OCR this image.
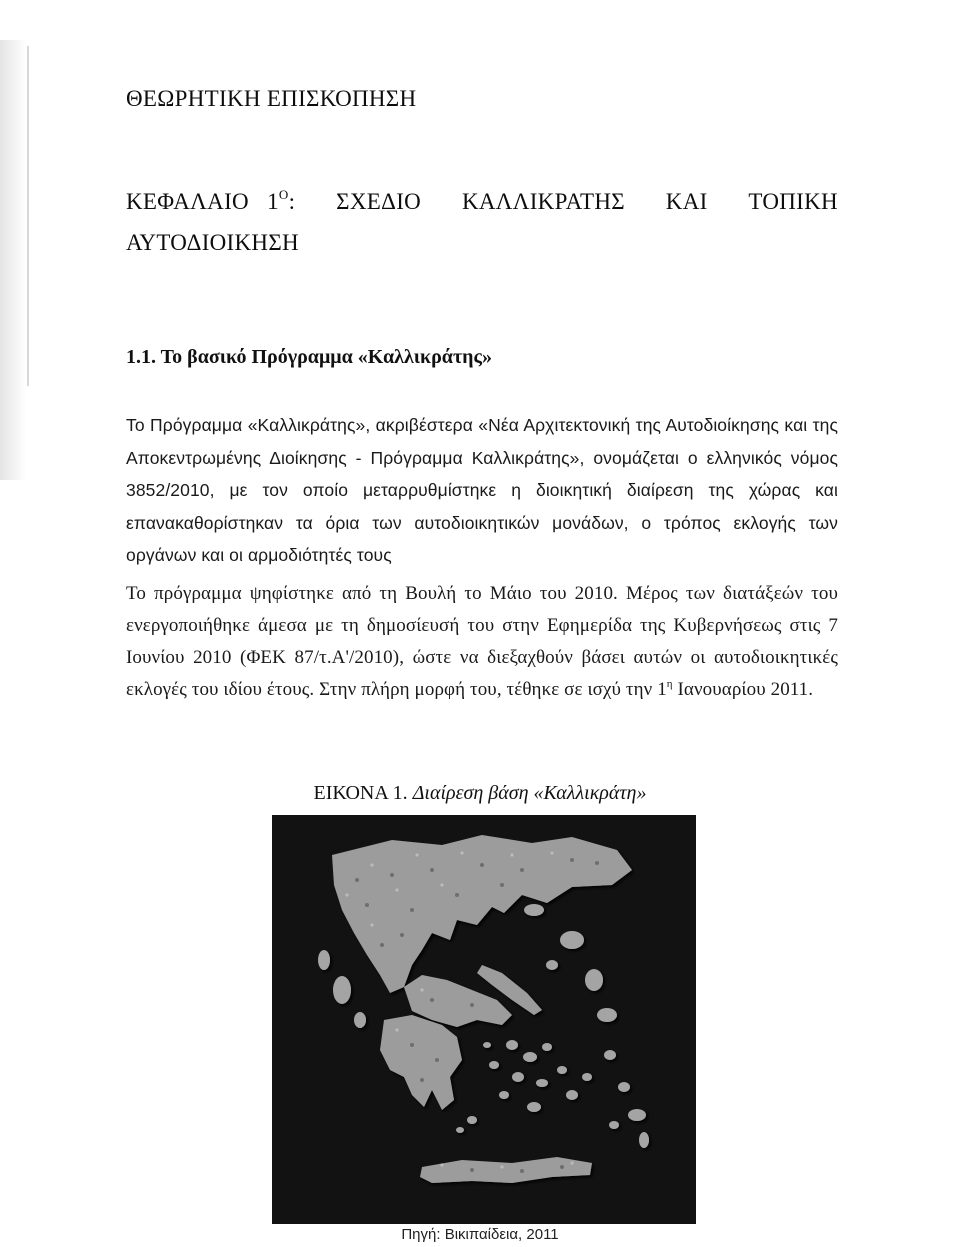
ΘΕΩΡΗΤΙΚΗ ΕΠΙΣΚΟΠΗΣΗ
ΚΕΦΑΛΑΙΟ $1^O$: ΣΧΕΔΙΟ ΚΑΛΛΙΚΡΑΤΗΣ ΚΑΙ ΤΟΠΙΚΗ
ΑΥΤΟΔΙΟΙΚΗΣΗ
1.1. Το βασικό Πρόγραμμα «Καλλικράτης»

Το Πρόγραμμα «Καλλικράτης», ακριβέστερα «Νέα Αρχιτεκτονική της Αυτοδιοίκησης και της Αποκεντρωμένης Διοίκησης - Πρόγραμμα Καλλικράτης», ονομάζεται ο ελληνικός νόμος 3852/2010, με τον οποίο μεταρρυθμίστηκε η διοικητική διαίρεση της χώρας και επανακαθορίστηκαν τα όρια των αυτοδιοικητικών μονάδων, ο τρόπος εκλογής των οργάνων και οι αρμοδιότητές τους

Το πρόγραμμα ψηφίστηκε από τη Βουλή το Μάιο του 2010. Μέρος των διατάξεών του ενεργοποιήθηκε άμεσα με τη δημοσίευσή του στην Εφημερίδα της Κυβερνήσεως στις 7 Ιουνίου 2010 (ΦΕΚ 87/τ.Α'/2010), ώστε να διεξαχθούν βάσει αυτών οι αυτοδιοικητικές εκλογές του ιδίου έτους. Στην πλήρη μορφή του, τέθηκε σε ισχύ την $1^\eta$ Ιανουαρίου 2011.

ΕΙΚΟΝΑ 1. Διαίρεση βάση «Καλλικράτη»
Πηγή: Βικιπαίδεια, 2011
